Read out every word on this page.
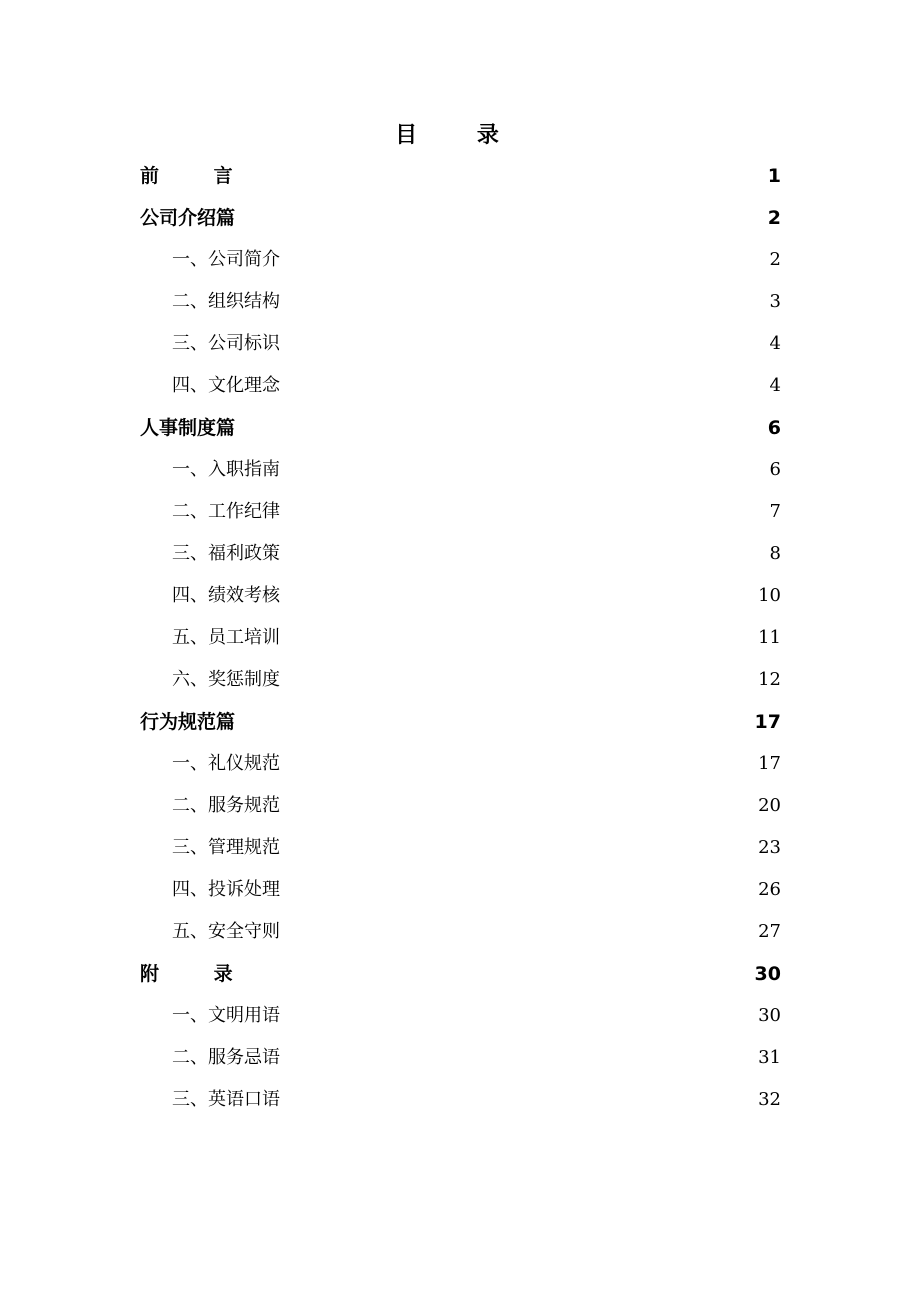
目 录
前 言	1
公司介绍篇	2
一、公司简介	2
二、组织结构	3
三、公司标识	4
四、文化理念	4
人事制度篇	6
一、入职指南	6
二、工作纪律	7
三、福利政策	8
四、绩效考核	10
五、员工培训	11
六、奖惩制度	12
行为规范篇	17
一、礼仪规范	17
二、服务规范	20
三、管理规范	23
四、投诉处理	26
五、安全守则	27
附 录	30
一、文明用语	30
二、服务忌语	31
三、英语口语	32
